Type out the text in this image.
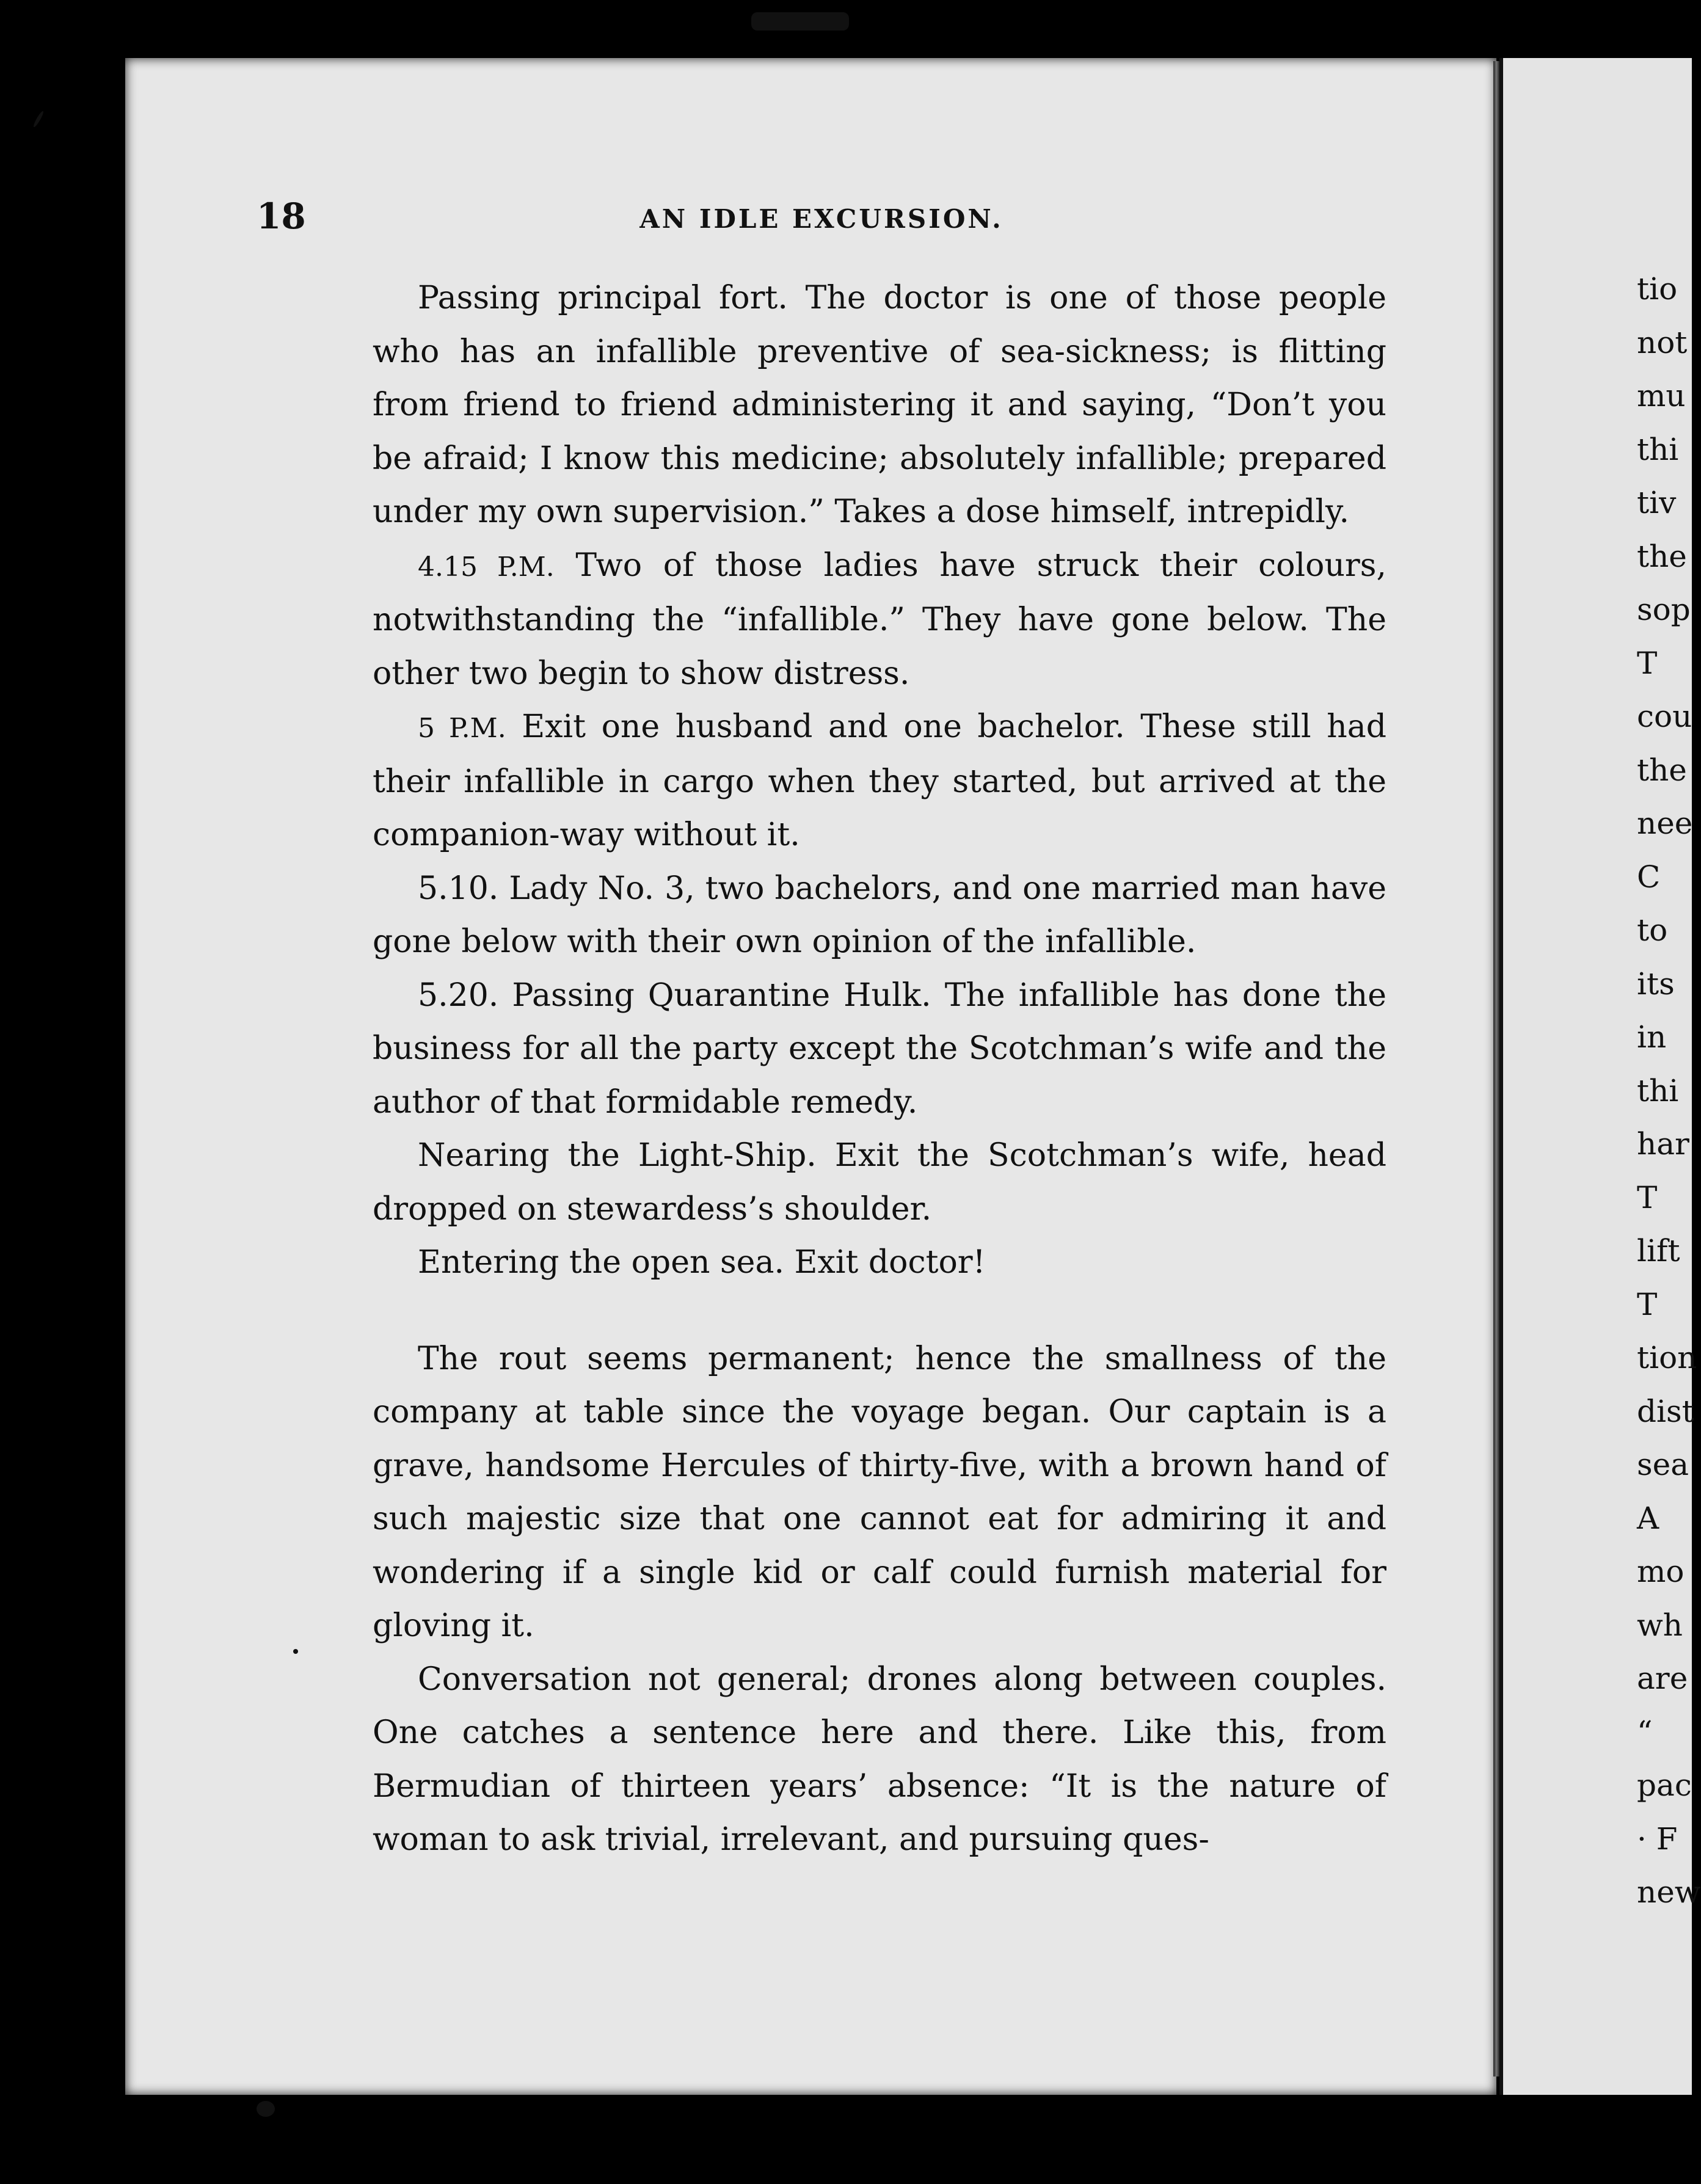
18	AN IDLE EXCURSION.

Passing principal fort. The doctor is one of those people who has an infallible preventive of sea-sickness; is flitting from friend to friend administering it and saying, “Don’t you be afraid; I know this medicine; absolutely infallible; prepared under my own supervision.” Takes a dose himself, intrepidly.

4.15 P.M. Two of those ladies have struck their colours, notwithstanding the “infallible.” They have gone below. The other two begin to show distress.

5 P.M. Exit one husband and one bachelor. These still had their infallible in cargo when they started, but arrived at the companion-way without it.

5.10. Lady No. 3, two bachelors, and one married man have gone below with their own opinion of the infallible.

5.20. Passing Quarantine Hulk. The infallible has done the business for all the party except the Scotchman’s wife and the author of that formidable remedy.

Nearing the Light-Ship. Exit the Scotchman’s wife, head dropped on stewardess’s shoulder.

Entering the open sea. Exit doctor!

The rout seems permanent; hence the smallness of the company at table since the voyage began. Our captain is a grave, handsome Hercules of thirty-five, with a brown hand of such majestic size that one cannot eat for admiring it and wondering if a single kid or calf could furnish material for gloving it.

Conversation not general; drones along between couples. One catches a sentence here and there. Like this, from Bermudian of thirteen years’ absence: “It is the nature of woman to ask trivial, irrelevant, and pursuing ques-

tio
not
mu
thi
tiv
the
sop
T
cou
the
nee
C
to
its
in
thi
har
T
lift
T
tion
dist
sea
A
mo
wh
are
“
pac
· F
new
